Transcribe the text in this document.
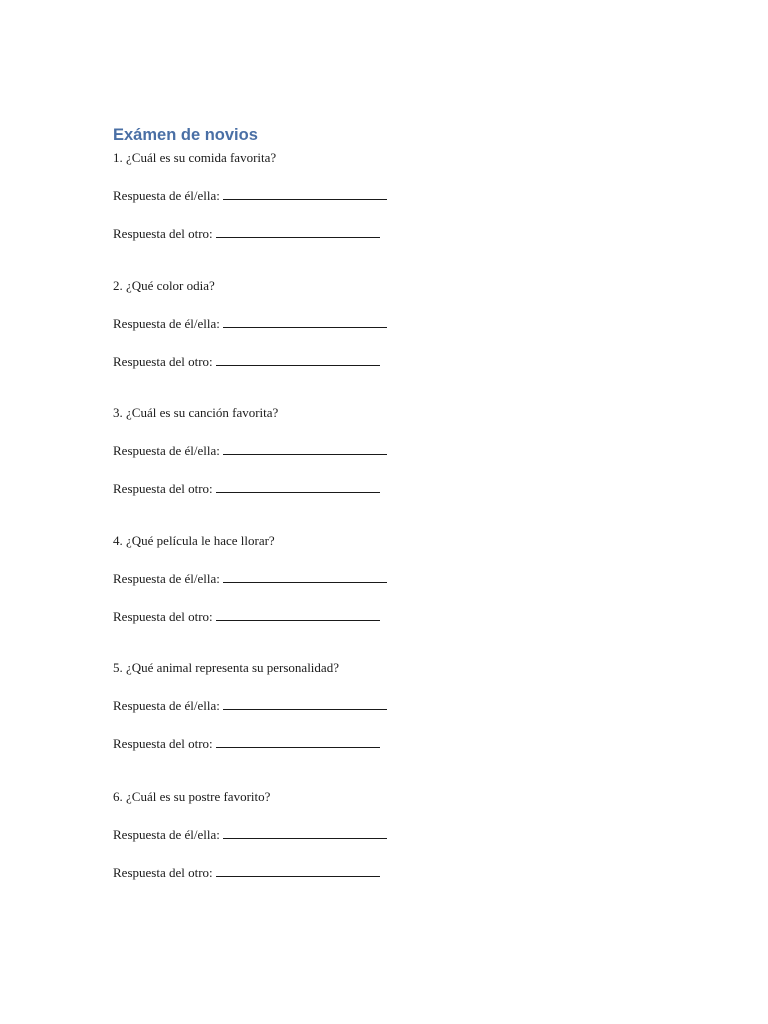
Exámen de novios
1. ¿Cuál es su comida favorita?
Respuesta de él/ella:
Respuesta del otro:
2. ¿Qué color odia?
Respuesta de él/ella:
Respuesta del otro:
3. ¿Cuál es su canción favorita?
Respuesta de él/ella:
Respuesta del otro:
4. ¿Qué película le hace llorar?
Respuesta de él/ella:
Respuesta del otro:
5. ¿Qué animal representa su personalidad?
Respuesta de él/ella:
Respuesta del otro:
6. ¿Cuál es su postre favorito?
Respuesta de él/ella:
Respuesta del otro:
